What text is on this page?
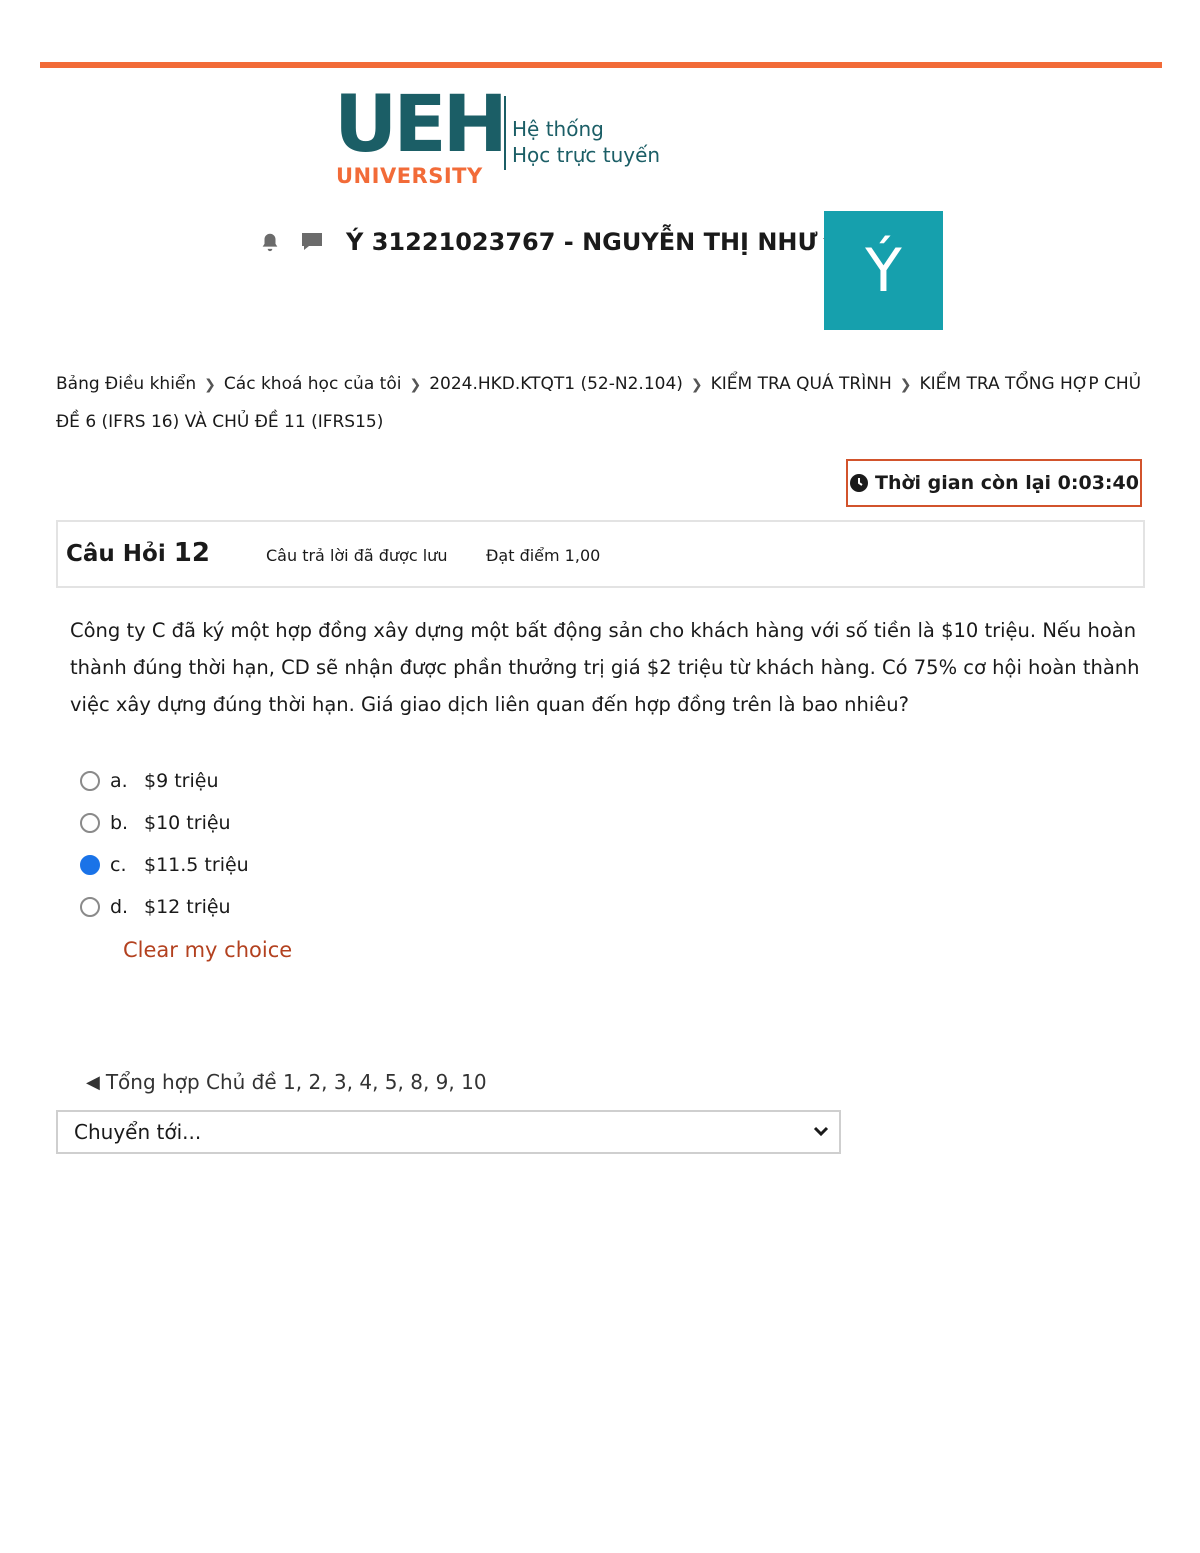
UEH
UNIVERSITY
Hệ thống
Học trực tuyến
Ý 31221023767 - NGUYỄN THỊ NHƯ Ý
Bảng Điều khiển ❯ Các khoá học của tôi ❯ 2024.HKD.KTQT1 (52-N2.104) ❯ KIỂM TRA QUÁ TRÌNH ❯ KIỂM TRA TỔNG HỢP CHỦ ĐỀ 6 (IFRS 16) VÀ CHỦ ĐỀ 11 (IFRS15)
Thời gian còn lại 0:03:40
Câu Hỏi 12	Câu trả lời đã được lưu Đạt điểm 1,00
Công ty C đã ký một hợp đồng xây dựng một bất động sản cho khách hàng với số tiền là $10 triệu. Nếu hoàn thành đúng thời hạn, CD sẽ nhận được phần thưởng trị giá $2 triệu từ khách hàng. Có 75% cơ hội hoàn thành việc xây dựng đúng thời hạn. Giá giao dịch liên quan đến hợp đồng trên là bao nhiêu?
a. $9 triệu
b. $10 triệu
c. $11.5 triệu
d. $12 triệu
Clear my choice
◀ Tổng hợp Chủ đề 1, 2, 3, 4, 5, 8, 9, 10
Chuyển tới...
